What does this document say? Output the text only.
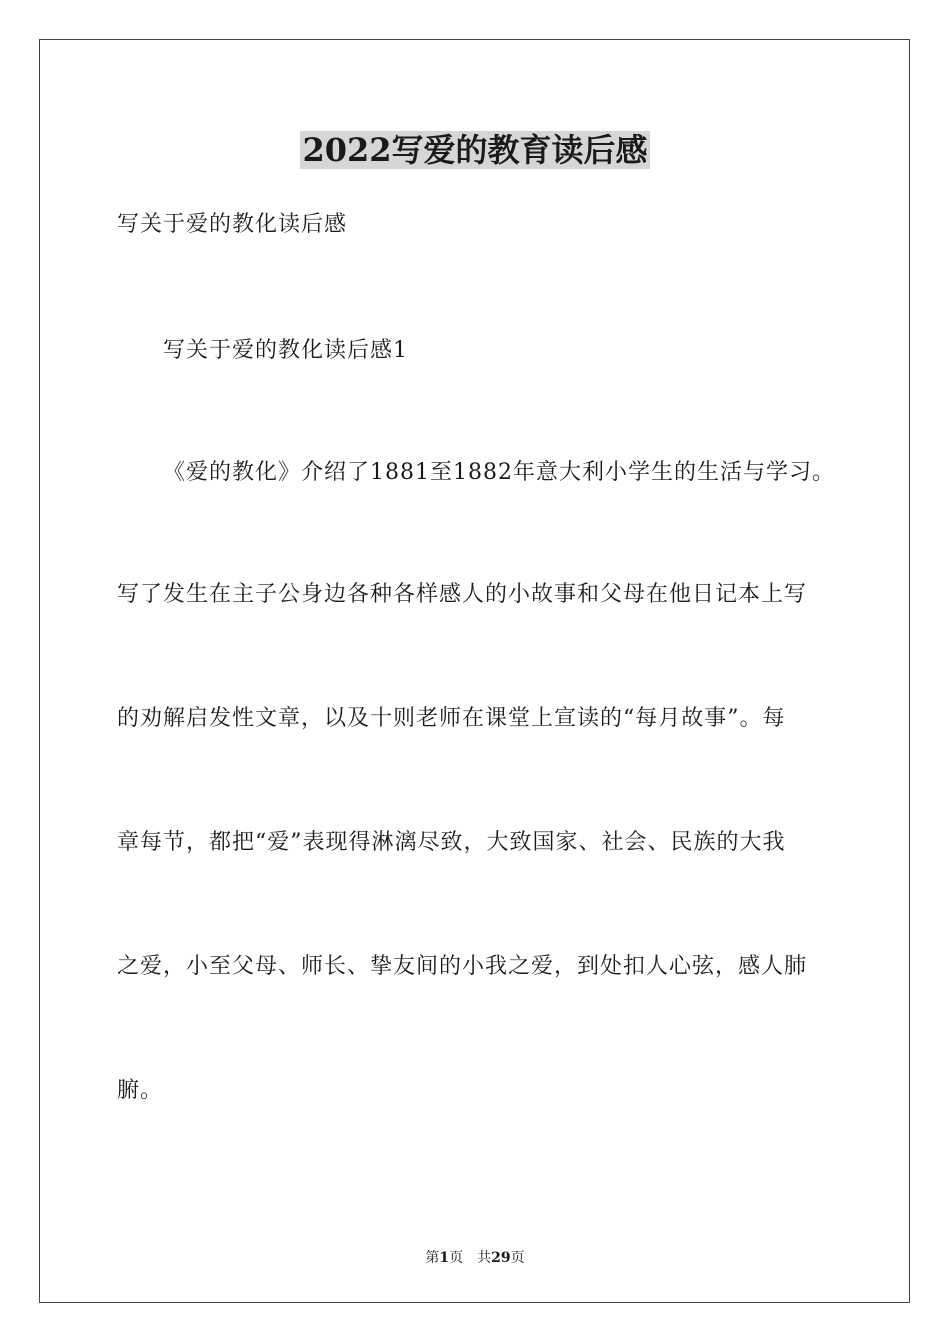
2022写爱的教育读后感
写关于爱的教化读后感
写关于爱的教化读后感1
《爱的教化》介绍了1881至1882年意大利小学生的生活与学习。
写了发生在主子公身边各种各样感人的小故事和父母在他日记本上写
的劝解启发性文章，以及十则老师在课堂上宣读的“每月故事”。每
章每节，都把“爱”表现得淋漓尽致，大致国家、社会、民族的大我
之爱，小至父母、师长、挚友间的小我之爱，到处扣人心弦，感人肺
腑。
第1页 共29页
